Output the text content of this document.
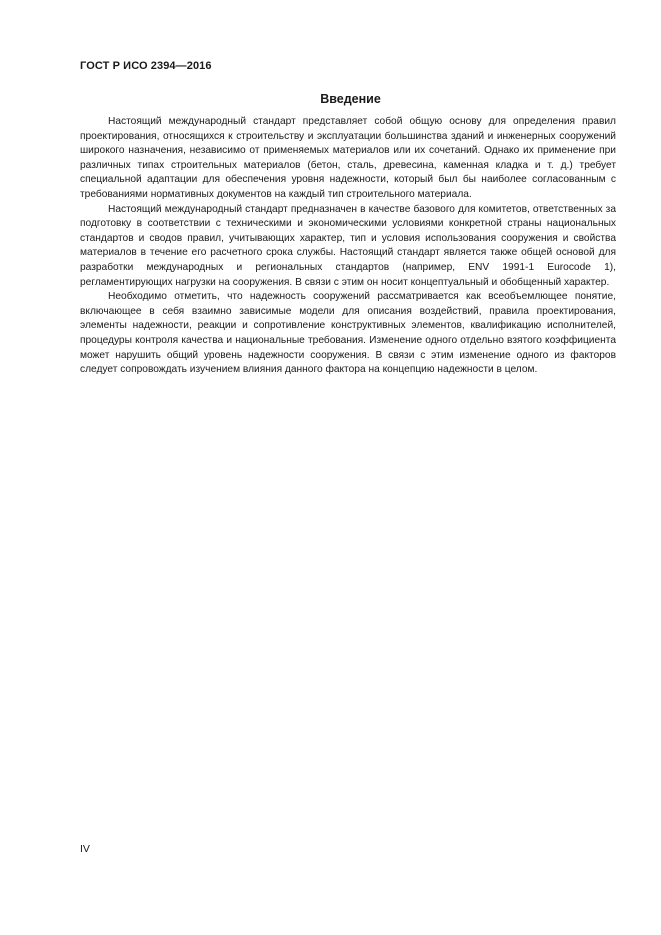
ГОСТ Р ИСО 2394—2016
Введение

Настоящий международный стандарт представляет собой общую основу для определения правил проектирования, относящихся к строительству и эксплуатации большинства зданий и инженерных сооружений широкого назначения, независимо от применяемых материалов или их сочетаний. Однако их применение при различных типах строительных материалов (бетон, сталь, древесина, каменная кладка и т. д.) требует специальной адаптации для обеспечения уровня надежности, который был бы наиболее согласованным с требованиями нормативных документов на каждый тип строительного материала.

Настоящий международный стандарт предназначен в качестве базового для комитетов, ответственных за подготовку в соответствии с техническими и экономическими условиями конкретной страны национальных стандартов и сводов правил, учитывающих характер, тип и условия использования сооружения и свойства материалов в течение его расчетного срока службы. Настоящий стандарт является также общей основой для разработки международных и региональных стандартов (например, ENV 1991-1 Eurocode 1), регламентирующих нагрузки на сооружения. В связи с этим он носит концептуальный и обобщенный характер.

Необходимо отметить, что надежность сооружений рассматривается как всеобъемлющее понятие, включающее в себя взаимно зависимые модели для описания воздействий, правила проектирования, элементы надежности, реакции и сопротивление конструктивных элементов, квалификацию исполнителей, процедуры контроля качества и национальные требования. Изменение одного отдельно взятого коэффициента может нарушить общий уровень надежности сооружения. В связи с этим изменение одного из факторов следует сопровождать изучением влияния данного фактора на концепцию надежности в целом.

IV
